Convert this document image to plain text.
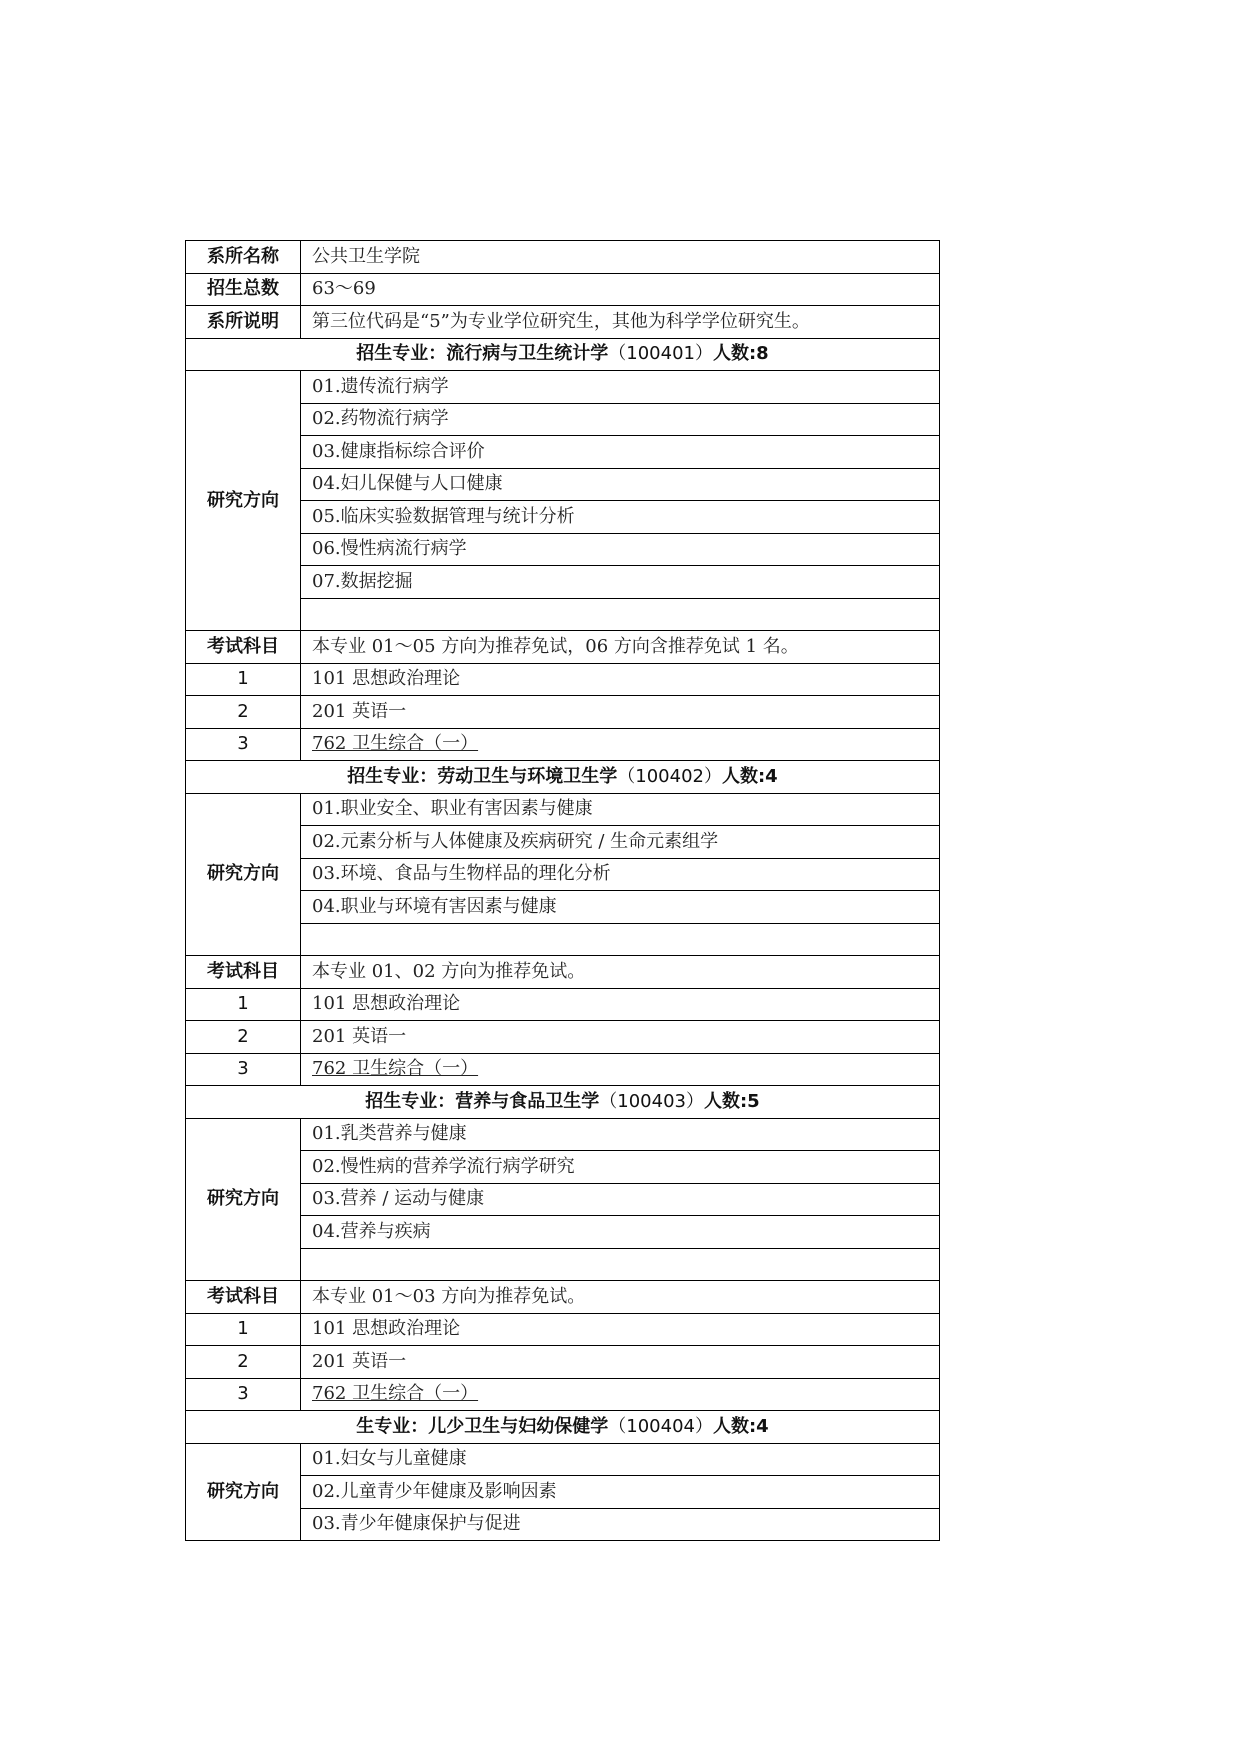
系所名称	公共卫生学院
招生总数	63～69
系所说明	第三位代码是“5”为专业学位研究生，其他为科学学位研究生。
招生专业：流行病与卫生统计学（100401）人数:8	
研究方向	01.遗传流行病学
	02.药物流行病学
	03.健康指标综合评价
	04.妇儿保健与人口健康
	05.临床实验数据管理与统计分析
	06.慢性病流行病学
	07.数据挖掘

考试科目	本专业 01～05 方向为推荐免试，06 方向含推荐免试 1 名。
1	101 思想政治理论
2	201 英语一
3	762 卫生综合（一）
招生专业：劳动卫生与环境卫生学（100402）人数:4	
研究方向	01.职业安全、职业有害因素与健康
	02.元素分析与人体健康及疾病研究 / 生命元素组学
	03.环境、食品与生物样品的理化分析
	04.职业与环境有害因素与健康

考试科目	本专业 01、02 方向为推荐免试。
1	101 思想政治理论
2	201 英语一
3	762 卫生综合（一）
招生专业：营养与食品卫生学（100403）人数:5	
研究方向	01.乳类营养与健康
	02.慢性病的营养学流行病学研究
	03.营养 / 运动与健康
	04.营养与疾病

考试科目	本专业 01～03 方向为推荐免试。
1	101 思想政治理论
2	201 英语一
3	762 卫生综合（一）
生专业：儿少卫生与妇幼保健学（100404）人数:4	
研究方向	01.妇女与儿童健康
	02.儿童青少年健康及影响因素
	03.青少年健康保护与促进
